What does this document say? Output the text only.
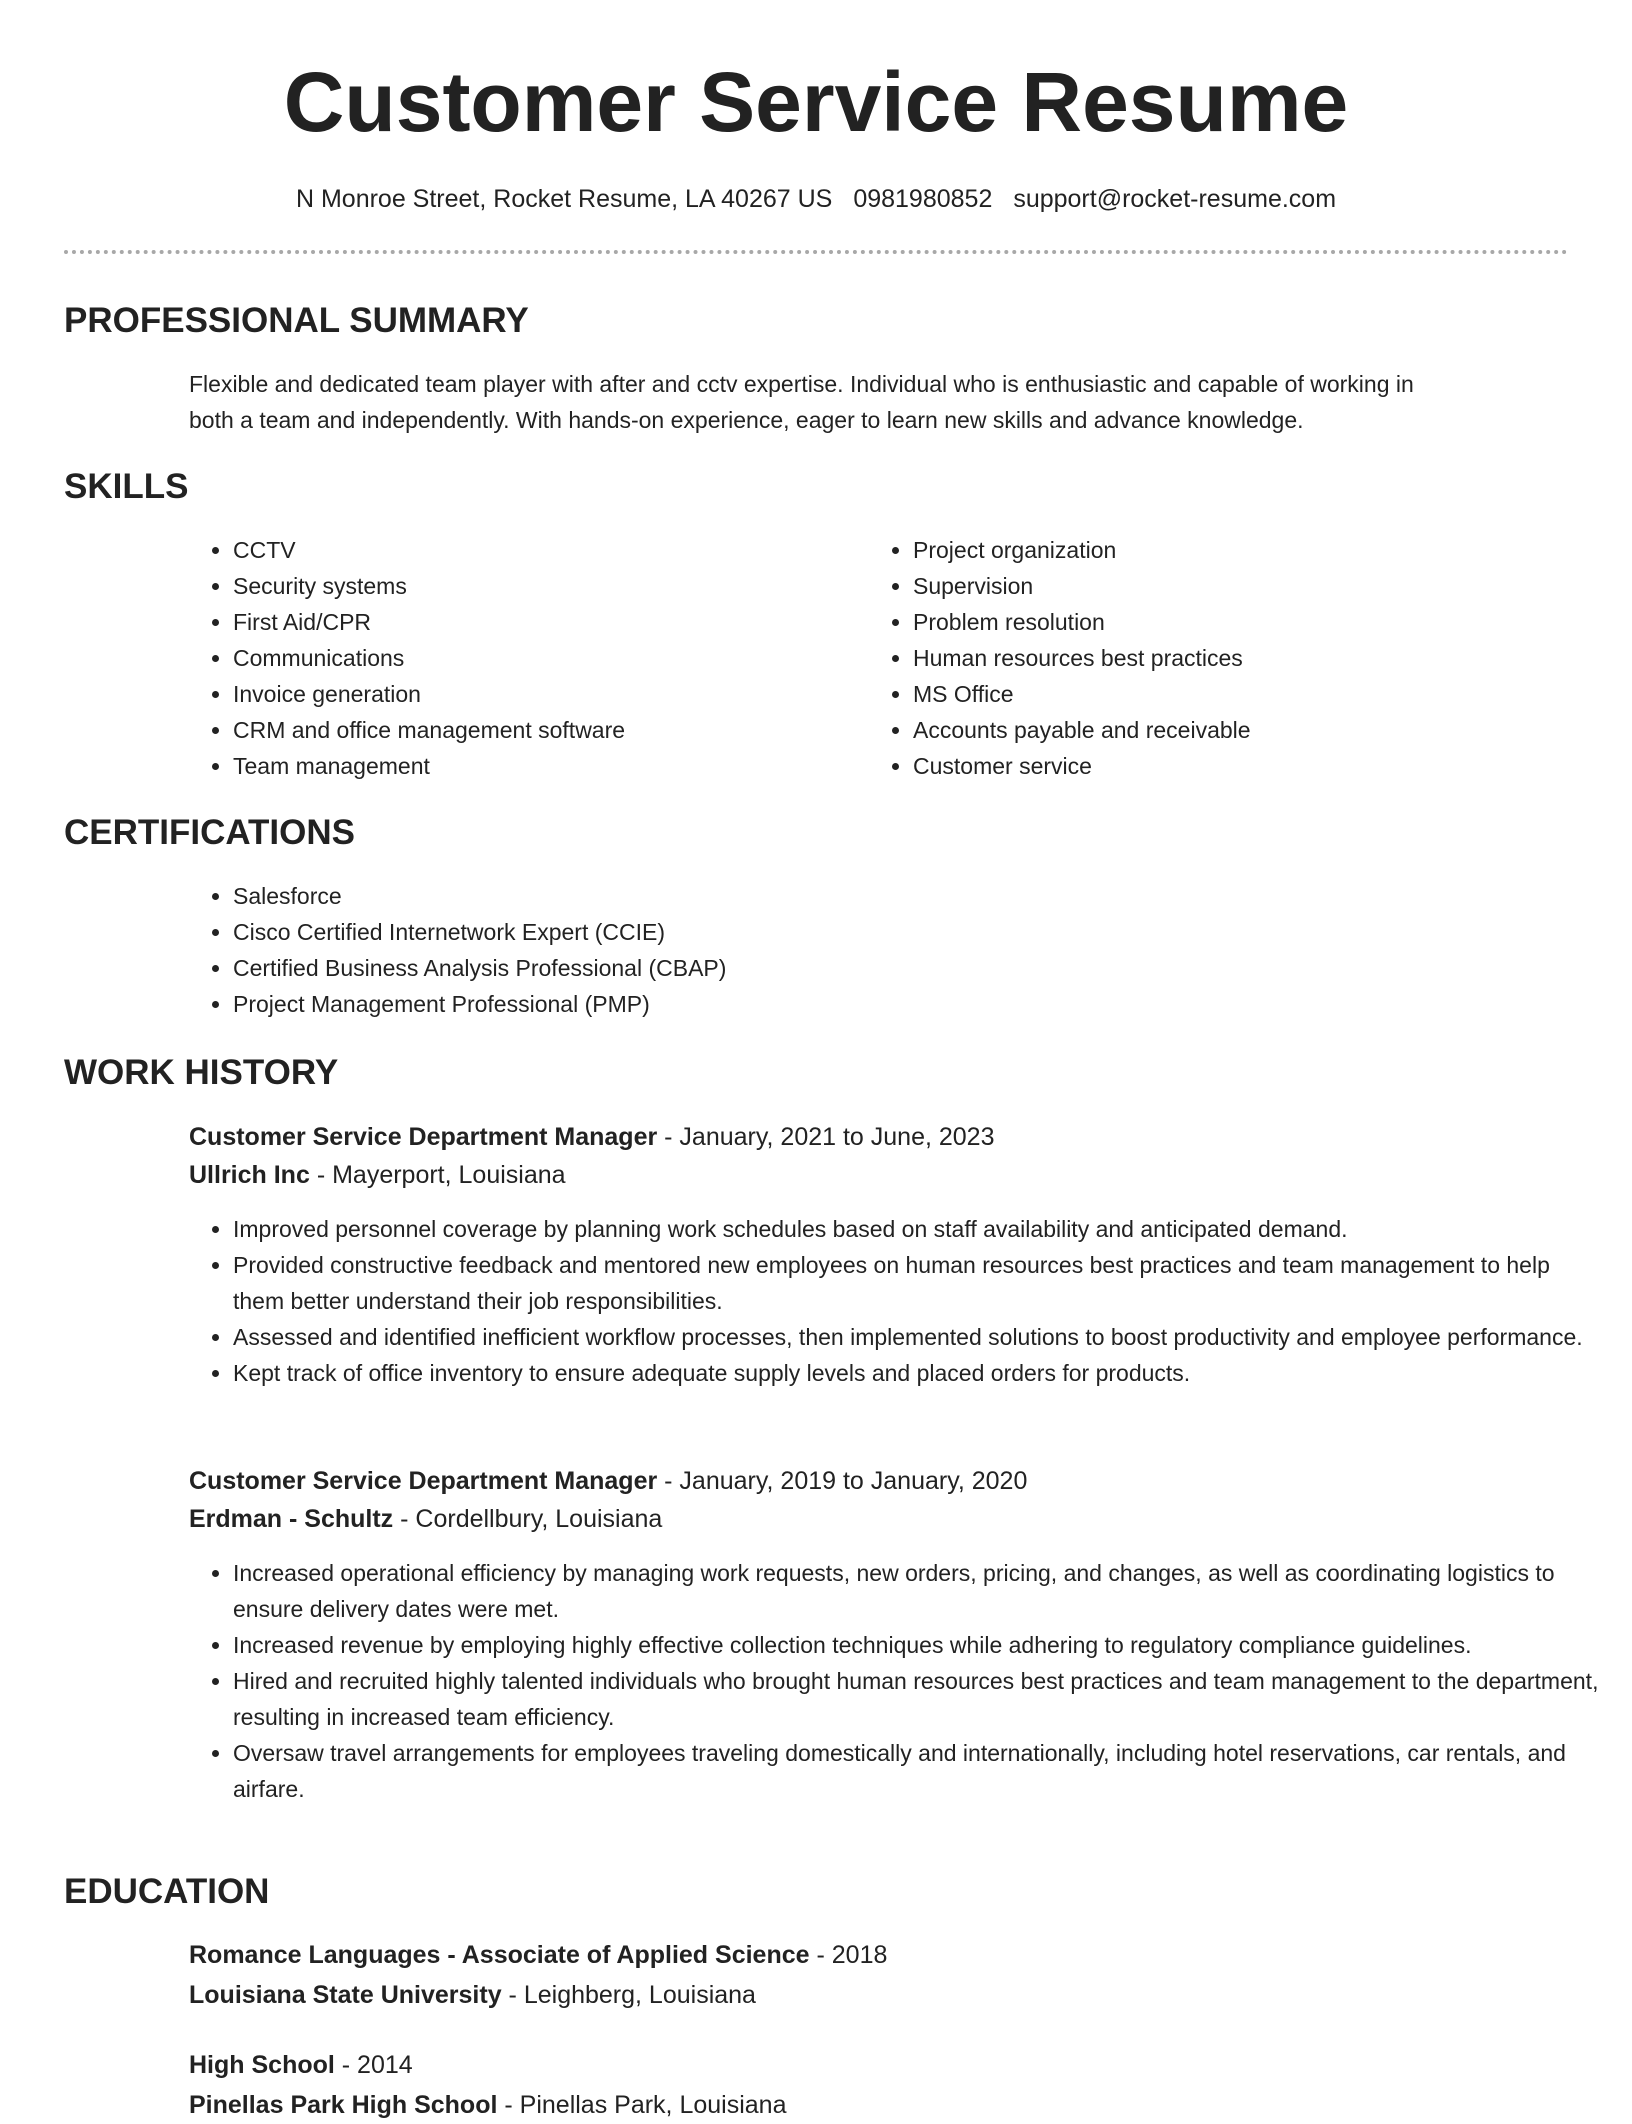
Customer Service Resume
N Monroe Street, Rocket Resume, LA 40267 US 0981980852 support@rocket-resume.com
PROFESSIONAL SUMMARY
Flexible and dedicated team player with after and cctv expertise. Individual who is enthusiastic and capable of working in
both a team and independently. With hands-on experience, eager to learn new skills and advance knowledge.
SKILLS
• CCTV
• Security systems
• First Aid/CPR
• Communications
• Invoice generation
• CRM and office management software
• Team management
• Project organization
• Supervision
• Problem resolution
• Human resources best practices
• MS Office
• Accounts payable and receivable
• Customer service
CERTIFICATIONS
• Salesforce
• Cisco Certified Internetwork Expert (CCIE)
• Certified Business Analysis Professional (CBAP)
• Project Management Professional (PMP)
WORK HISTORY
Customer Service Department Manager - January, 2021 to June, 2023
Ullrich Inc - Mayerport, Louisiana
• Improved personnel coverage by planning work schedules based on staff availability and anticipated demand.
• Provided constructive feedback and mentored new employees on human resources best practices and team management to help them better understand their job responsibilities.
• Assessed and identified inefficient workflow processes, then implemented solutions to boost productivity and employee performance.
• Kept track of office inventory to ensure adequate supply levels and placed orders for products.
Customer Service Department Manager - January, 2019 to January, 2020
Erdman - Schultz - Cordellbury, Louisiana
• Increased operational efficiency by managing work requests, new orders, pricing, and changes, as well as coordinating logistics to ensure delivery dates were met.
• Increased revenue by employing highly effective collection techniques while adhering to regulatory compliance guidelines.
• Hired and recruited highly talented individuals who brought human resources best practices and team management to the department, resulting in increased team efficiency.
• Oversaw travel arrangements for employees traveling domestically and internationally, including hotel reservations, car rentals, and airfare.
EDUCATION
Romance Languages - Associate of Applied Science - 2018
Louisiana State University - Leighberg, Louisiana
High School - 2014
Pinellas Park High School - Pinellas Park, Louisiana
